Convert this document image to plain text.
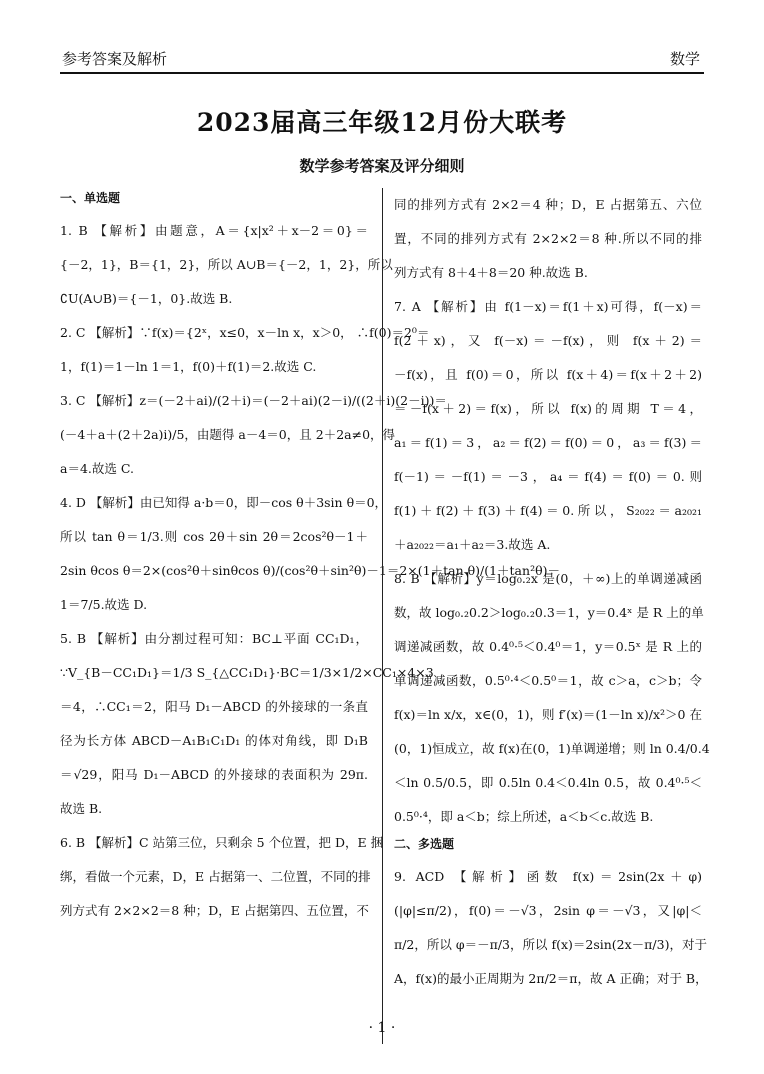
参考答案及解析	数学
2023届高三年级12月份大联考
数学参考答案及评分细则
一、单选题
1. B 【解析】由题意，A＝{x|x²＋x－2＝0}＝
{－2，1}，B＝{1，2}，所以 A∪B＝{－2，1，2}，所以
∁U(A∪B)＝{－1，0}.故选 B.
2. C 【解析】∵f(x)＝{2ˣ，x≤0，x－ln x，x＞0， ∴f(0)＝2⁰＝
1，f(1)＝1－ln 1＝1，f(0)＋f(1)＝2.故选 C.
3. C 【解析】z＝(－2＋ai)/(2＋i)＝(－2＋ai)(2－i)/((2＋i)(2－i))＝
(－4＋a＋(2＋2a)i)/5，由题得 a－4＝0，且 2＋2a≠0，得
a＝4.故选 C.
4. D 【解析】由已知得 a·b＝0，即－cos θ＋3sin θ＝0，
所以 tan θ＝1/3.则 cos 2θ＋sin 2θ＝2cos²θ－1＋
2sin θcos θ＝2×(cos²θ＋sinθcos θ)/(cos²θ＋sin²θ)－1＝2×(1＋tan θ)/(1＋tan²θ)－
1＝7/5.故选 D.
5. B 【解析】由分割过程可知：BC⊥平面 CC₁D₁，
∵V_{B－CC₁D₁}＝1/3 S_{△CC₁D₁}·BC＝1/3×1/2×CC₁×4×3
＝4，∴CC₁＝2，阳马 D₁－ABCD 的外接球的一条直
径为长方体 ABCD－A₁B₁C₁D₁ 的体对角线，即 D₁B
＝√29，阳马 D₁－ABCD 的外接球的表面积为 29π.
故选 B.
6. B 【解析】C 站第三位，只剩余 5 个位置，把 D，E 捆
绑，看做一个元素，D，E 占据第一、二位置，不同的排
列方式有 2×2×2＝8 种；D，E 占据第四、五位置，不
同的排列方式有 2×2＝4 种；D，E 占据第五、六位
置，不同的排列方式有 2×2×2＝8 种.所以不同的排
列方式有 8＋4＋8＝20 种.故选 B.
7. A 【解析】由 f(1－x)＝f(1＋x)可得，f(－x)＝
f(2＋x)，又 f(－x)＝－f(x)，则 f(x＋2)＝
－f(x)，且 f(0)＝0，所以 f(x＋4)＝f(x＋2＋2)
＝－f(x＋2)＝f(x)，所以 f(x)的周期 T＝4，
a₁＝f(1)＝3，a₂＝f(2)＝f(0)＝0，a₃＝f(3)＝
f(－1)＝－f(1)＝－3，a₄＝f(4)＝f(0)＝0.则
f(1)＋f(2)＋f(3)＋f(4)＝0.所以，S₂₀₂₂＝a₂₀₂₁
＋a₂₀₂₂＝a₁＋a₂＝3.故选 A.
8. B 【解析】y＝log₀.₂x 是(0，＋∞)上的单调递减函
数，故 log₀.₂0.2＞log₀.₂0.3＝1，y＝0.4ˣ 是 R 上的单
调递减函数，故 0.4⁰·⁵＜0.4⁰＝1，y＝0.5ˣ 是 R 上的
单调递减函数，0.5⁰·⁴＜0.5⁰＝1，故 c＞a，c＞b；令
f(x)＝ln x/x，x∈(0，1)，则 f′(x)＝(1－ln x)/x²＞0 在
(0，1)恒成立，故 f(x)在(0，1)单调递增；则 ln 0.4/0.4
＜ln 0.5/0.5，即 0.5ln 0.4＜0.4ln 0.5，故 0.4⁰·⁵＜
0.5⁰·⁴，即 a＜b；综上所述，a＜b＜c.故选 B.
二、多选题
9. ACD 【解析】函数 f(x)＝2sin(2x＋φ)
(|φ|≤π/2)，f(0)＝－√3，2sin φ＝－√3，又|φ|＜
π/2，所以 φ＝－π/3，所以 f(x)＝2sin(2x－π/3)，对于
A，f(x)的最小正周期为 2π/2＝π，故 A 正确；对于 B，
· 1 ·
